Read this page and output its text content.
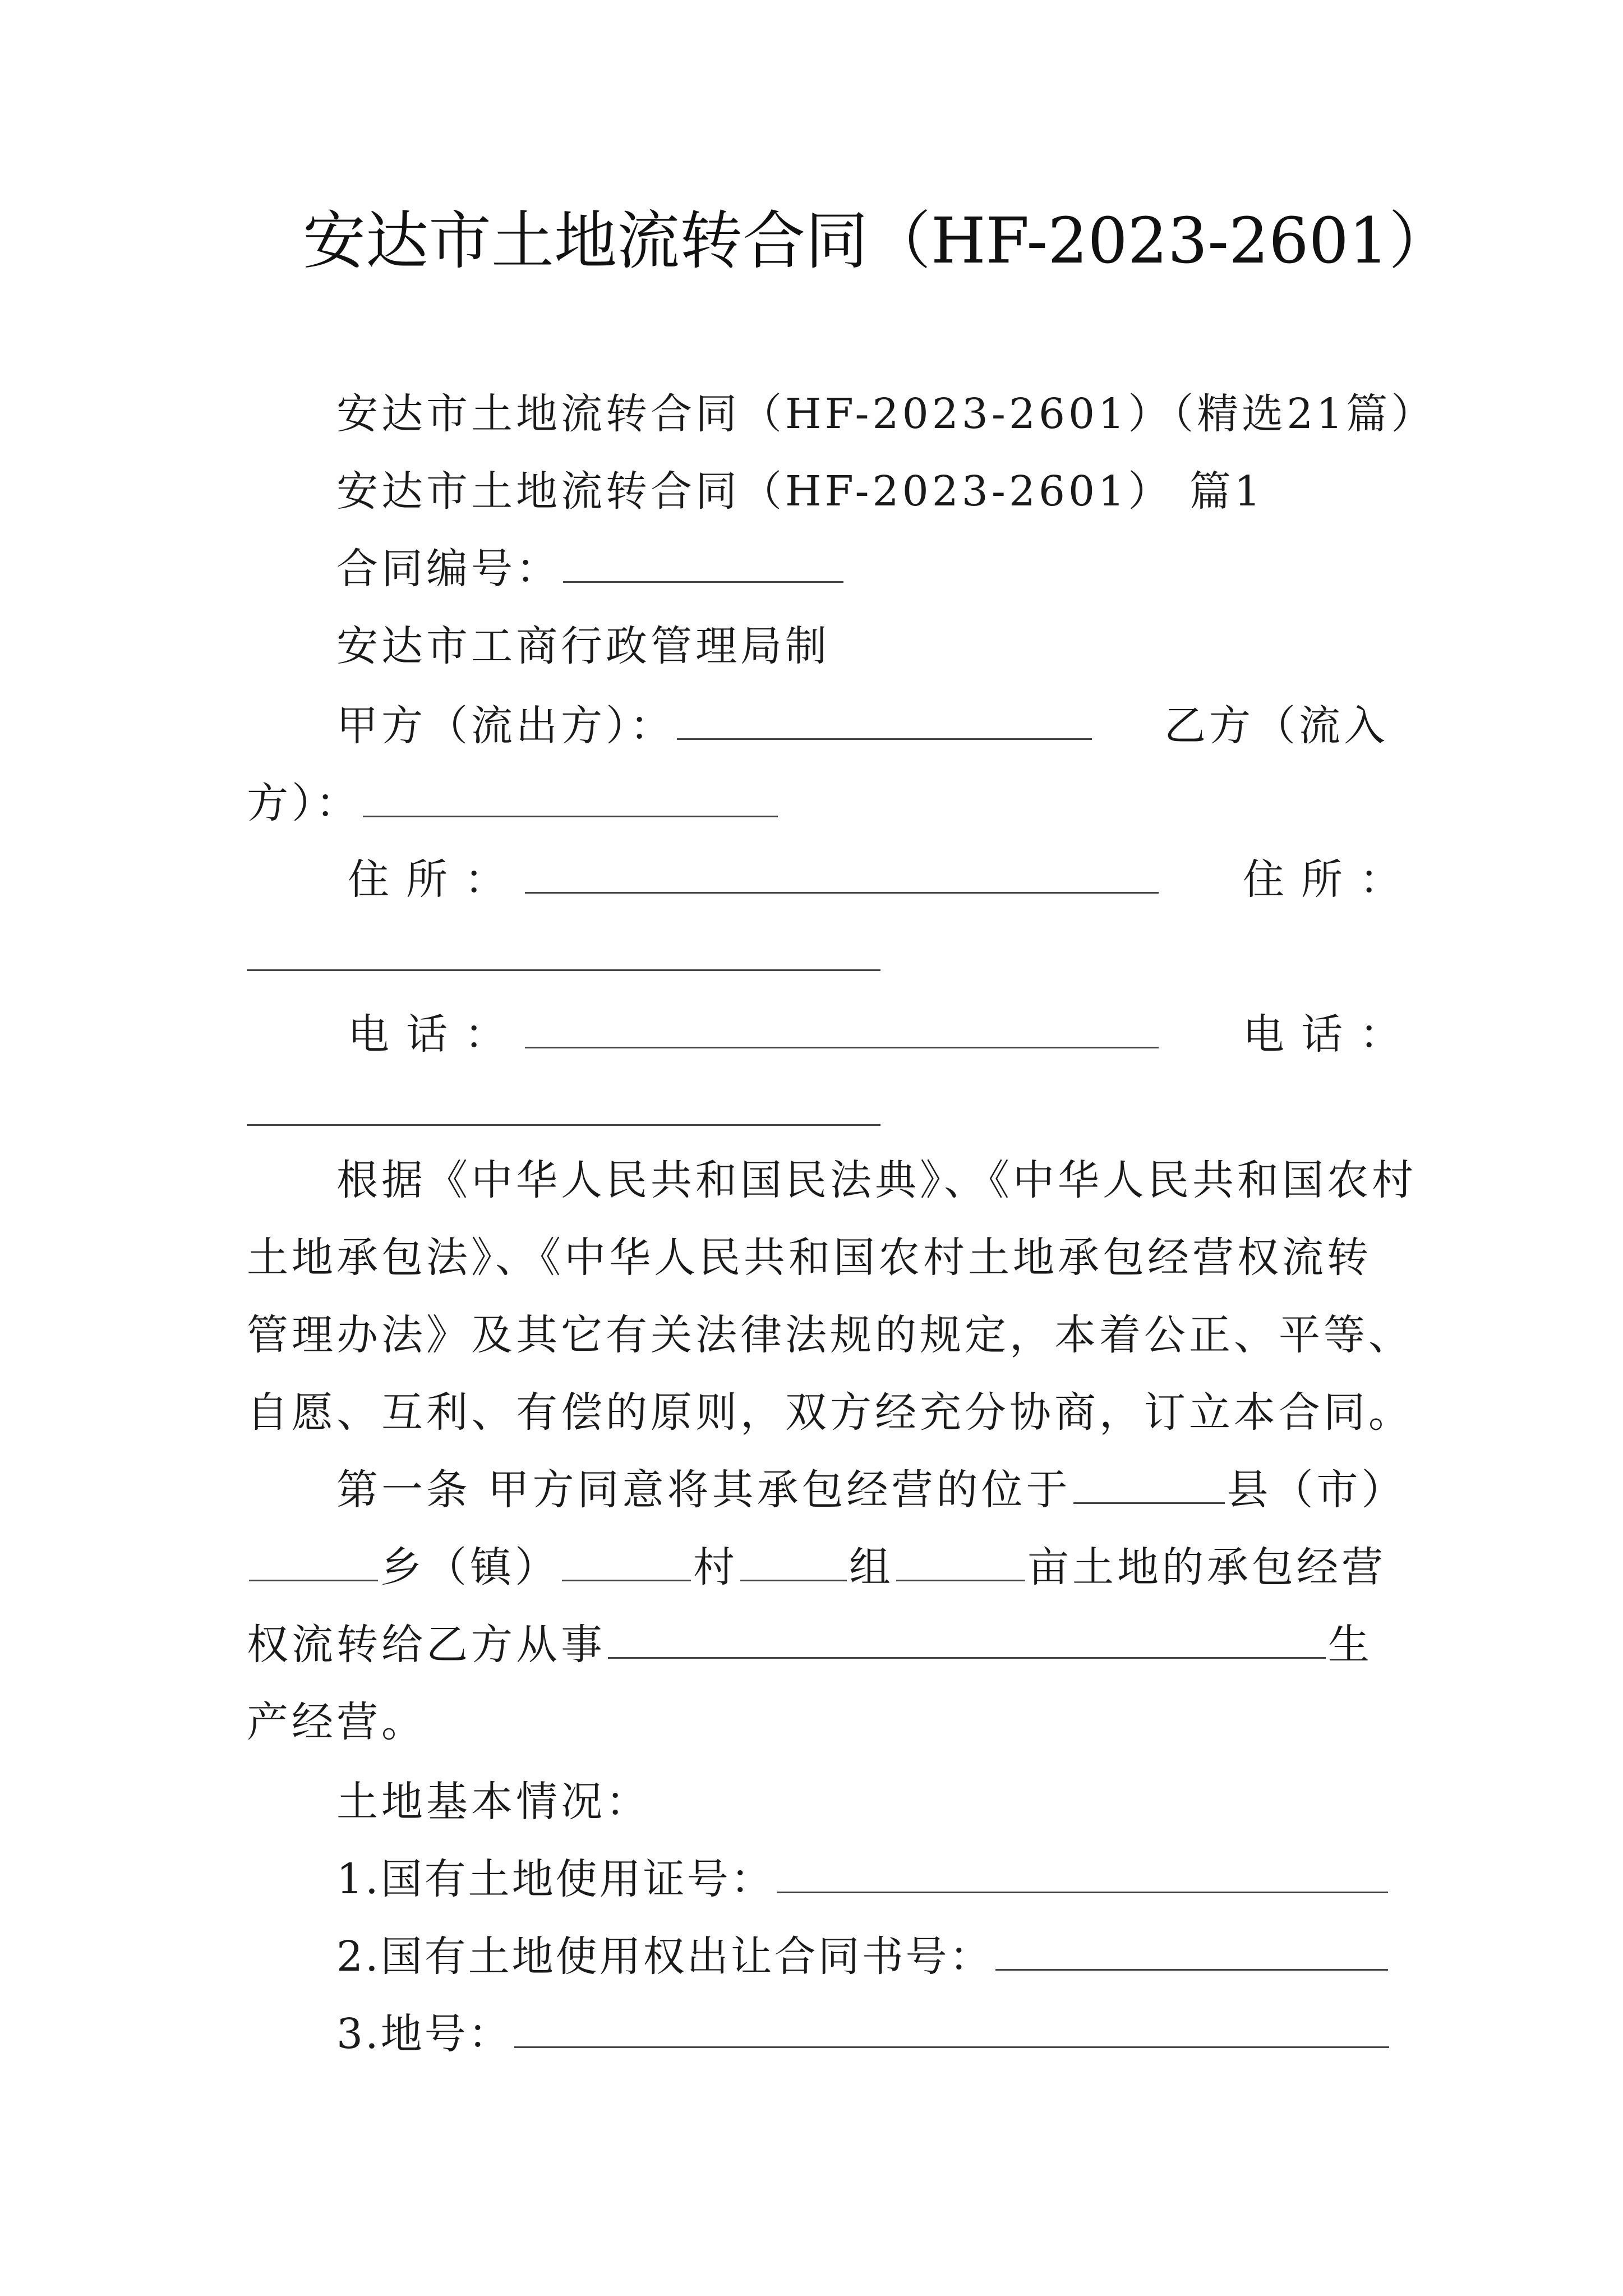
安达市土地流转合同（HF-2023-2601）
安达市土地流转合同（HF-2023-2601）（精选21篇）
安达市土地流转合同（HF-2023-2601） 篇1
合同编号：
安达市工商行政管理局制
甲方（流出方）：	乙方（流入
方）：
住所：	住所：
电话：	电话：
根据《中华人民共和国民法典》、《中华人民共和国农村
土地承包法》、《中华人民共和国农村土地承包经营权流转
管理办法》及其它有关法律法规的规定，本着公正、平等、
自愿、互利、有偿的原则，双方经充分协商，订立本合同。
第一条 甲方同意将其承包经营的位于	县（市）
乡（镇）	村	组	亩土地的承包经营
权流转给乙方从事	生
产经营。
土地基本情况：
1.国有土地使用证号：
2.国有土地使用权出让合同书号：
3.地号：
